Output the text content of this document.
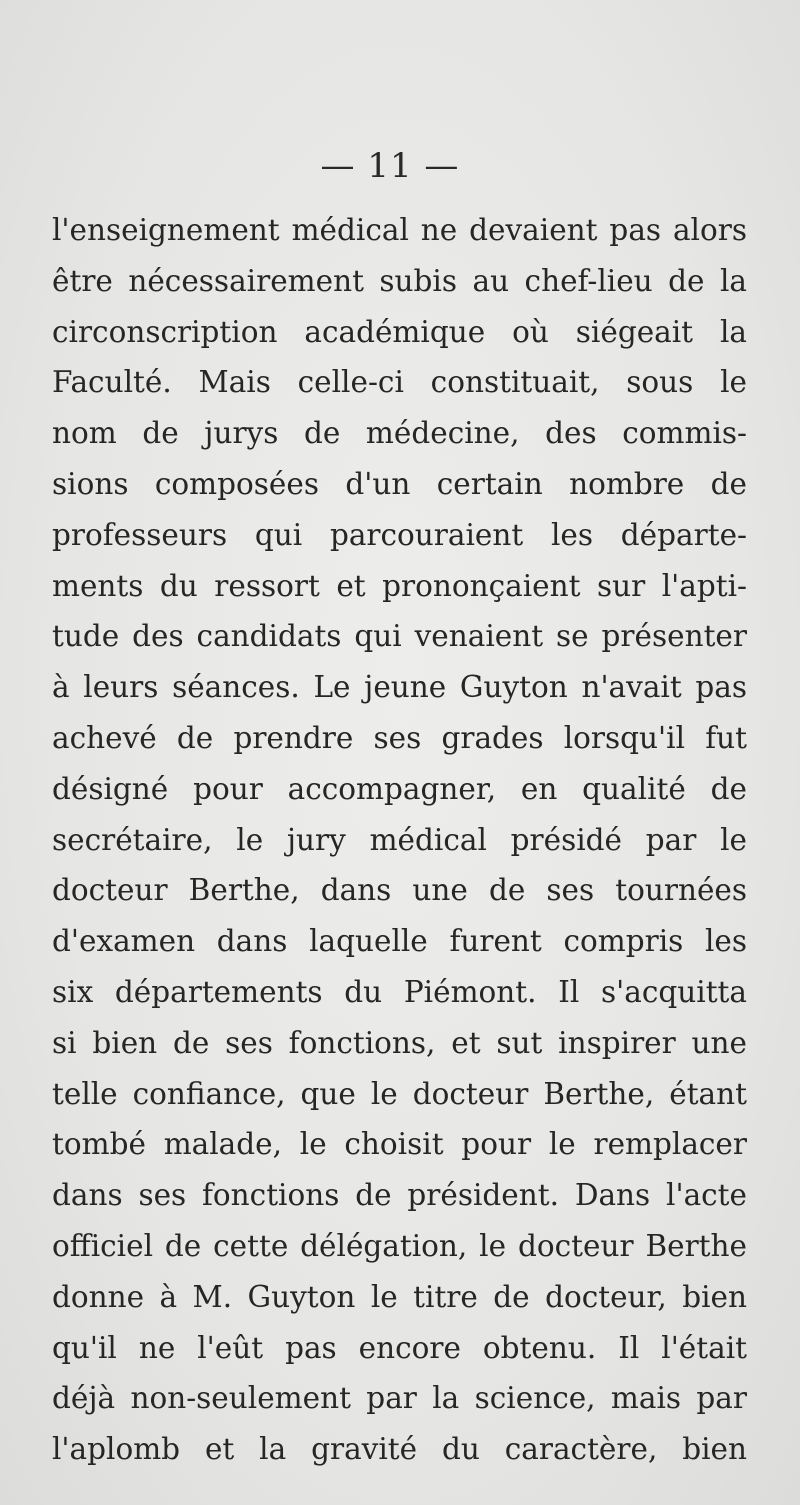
— 11 —
l'enseignement médical ne devaient pas alors
être nécessairement subis au chef-lieu de la
circonscription académique où siégeait la
Faculté. Mais celle-ci constituait, sous le
nom de jurys de médecine, des commis-
sions composées d'un certain nombre de
professeurs qui parcouraient les départe-
ments du ressort et prononçaient sur l'apti-
tude des candidats qui venaient se présenter
à leurs séances. Le jeune Guyton n'avait pas
achevé de prendre ses grades lorsqu'il fut
désigné pour accompagner, en qualité de
secrétaire, le jury médical présidé par le
docteur Berthe, dans une de ses tournées
d'examen dans laquelle furent compris les
six départements du Piémont. Il s'acquitta
si bien de ses fonctions, et sut inspirer une
telle confiance, que le docteur Berthe, étant
tombé malade, le choisit pour le remplacer
dans ses fonctions de président. Dans l'acte
officiel de cette délégation, le docteur Berthe
donne à M. Guyton le titre de docteur, bien
qu'il ne l'eût pas encore obtenu. Il l'était
déjà non-seulement par la science, mais par
l'aplomb et la gravité du caractère, bien
